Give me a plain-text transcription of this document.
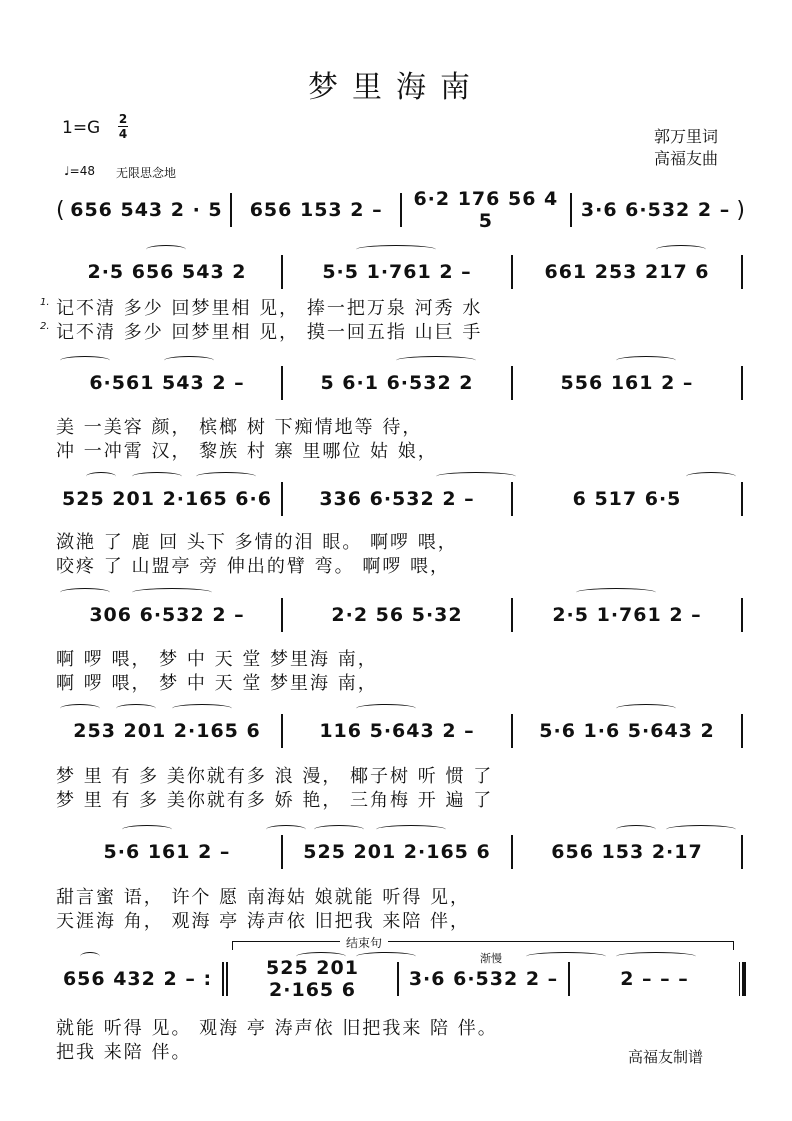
梦里海南
1=G 2
4	郭万里词
高福友曲
♩=48 无限思念地
( 656 543 2 · 5	656 153 2 –	6·2 176 56 4 5	3·6 6·532 2 – )
2·5 656 543 2	5·5 1·761 2 –	661 253 217 6
1.
2.
记不清 多少 回梦里相 见， 捧一把万泉 河秀 水
记不清 多少 回梦里相 见， 摸一回五指 山巨 手
6·561 543 2 –	5 6·1 6·532 2	556 161 2 –
美 一美容 颜， 槟榔 树 下痴情地等 待，
冲 一冲霄 汉， 黎族 村 寨 里哪位 姑 娘，
525 201 2·165 6·6	336 6·532 2 –	6 517 6·5
潋滟 了 鹿 回 头下 多情的泪 眼。 啊啰 喂，
咬疼 了 山盟亭 旁 伸出的臂 弯。 啊啰 喂，
306 6·532 2 –	2·2 56 5·32	2·5 1·761 2 –
啊 啰 喂， 梦 中 天 堂 梦里海 南，
啊 啰 喂， 梦 中 天 堂 梦里海 南，
253 201 2·165 6	116 5·643 2 –	5·6 1·6 5·643 2
梦 里 有 多 美你就有多 浪 漫， 椰子树 听 惯 了
梦 里 有 多 美你就有多 娇 艳， 三角梅 开 遍 了
5·6 161 2 –	525 201 2·165 6	656 153 2·17
甜言蜜 语， 许个 愿 南海姑 娘就能 听得 见，
天涯海 角， 观海 亭 涛声依 旧把我 来陪 伴，
结束句
渐慢
656 432 2 – :	525 201 2·165 6	3·6 6·532 2 –	2 – – –
就能 听得 见。 观海 亭 涛声依 旧把我来 陪 伴。
把我 来陪 伴。	高福友制谱
